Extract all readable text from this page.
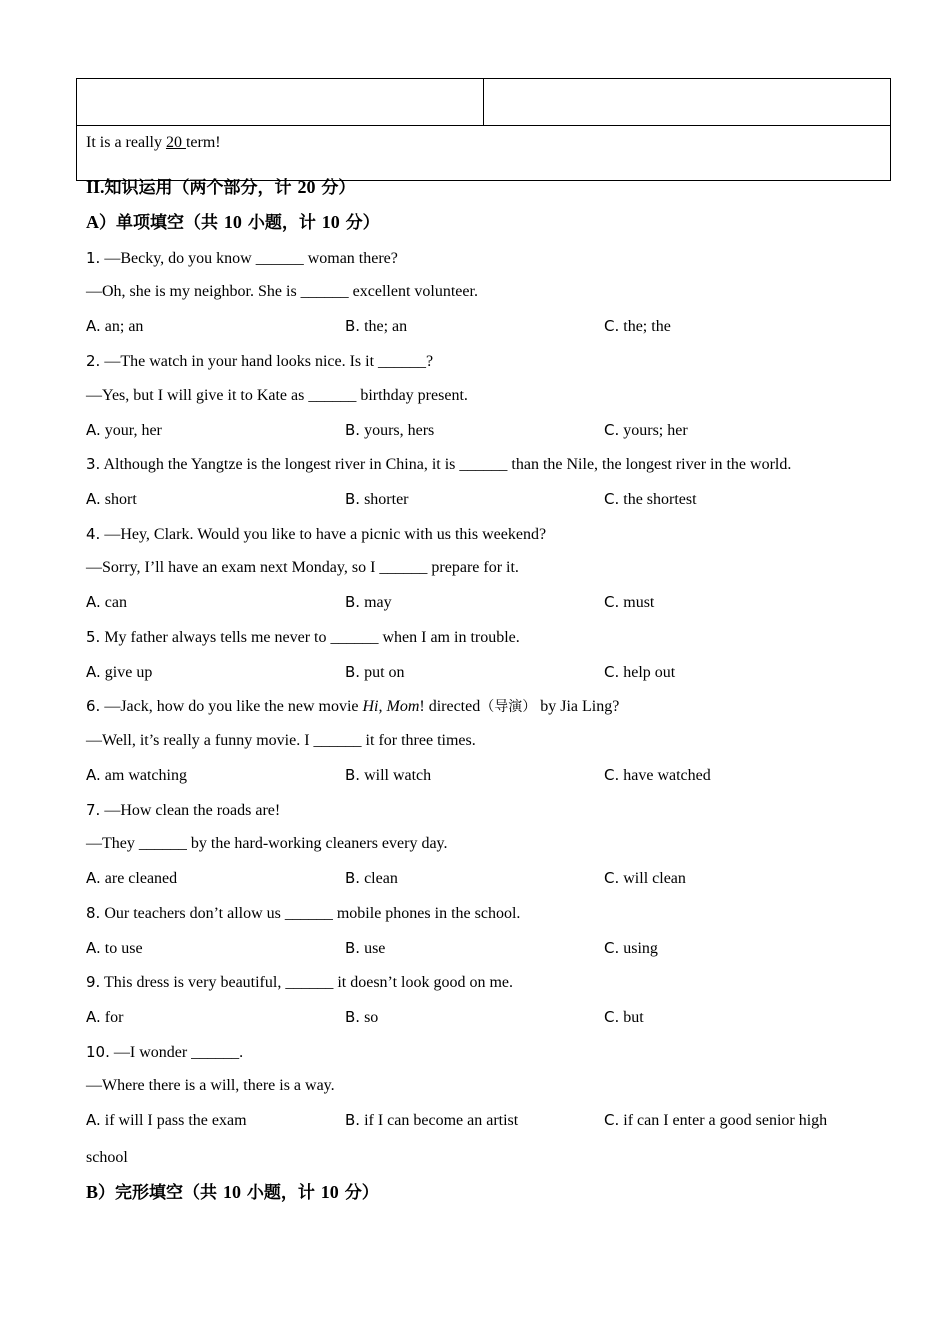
It is a really 20 term!
II.知识运用（两个部分，计 20 分）
A）单项填空（共 10 小题，计 10 分）
1. —Becky, do you know ______ woman there?
—Oh, she is my neighbor. She is ______ excellent volunteer.
A. an; an	B. the; an	C. the; the
2. —The watch in your hand looks nice. Is it ______?
—Yes, but I will give it to Kate as ______ birthday present.
A. your, her	B. yours, hers	C. yours; her
3. Although the Yangtze is the longest river in China, it is ______ than the Nile, the longest river in the world.
A. short	B. shorter	C. the shortest
4. —Hey, Clark. Would you like to have a picnic with us this weekend?
—Sorry, I’ll have an exam next Monday, so I ______ prepare for it.
A. can	B. may	C. must
5. My father always tells me never to ______ when I am in trouble.
A. give up	B. put on	C. help out
6. —Jack, how do you like the new movie Hi, Mom! directed（导演） by Jia Ling?
—Well, it’s really a funny movie. I ______ it for three times.
A. am watching	B. will watch	C. have watched
7. —How clean the roads are!
—They ______ by the hard-working cleaners every day.
A. are cleaned	B. clean	C. will clean
8. Our teachers don’t allow us ______ mobile phones in the school.
A. to use	B. use	C. using
9. This dress is very beautiful, ______ it doesn’t look good on me.
A. for	B. so	C. but
10. —I wonder ______.
—Where there is a will, there is a way.
A. if will I pass the exam	B. if I can become an artist	C. if can I enter a good senior high
school
B）完形填空（共 10 小题，计 10 分）
